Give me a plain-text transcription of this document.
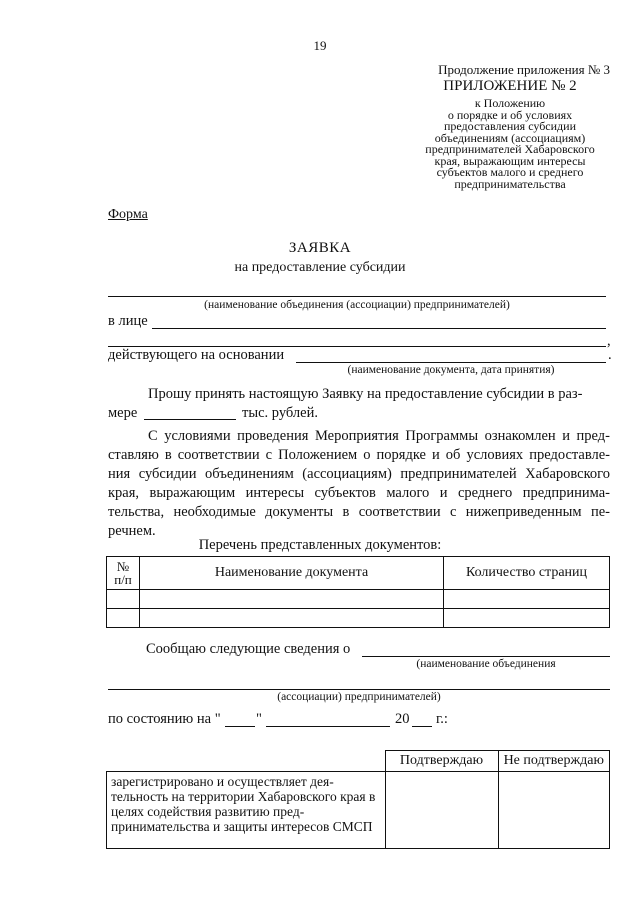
19
Продолжение приложения № 3
ПРИЛОЖЕНИЕ № 2
к Положению
о порядке и об условиях
предоставления субсидии
объединениям (ассоциациям)
предпринимателей Хабаровского
края, выражающим интересы
субъектов малого и среднего
предпринимательства
Форма
ЗАЯВКА
на предоставление субсидии
(наименование объединения (ассоциации) предпринимателей)
в лице
,
действующего на основании	.
(наименование документа, дата принятия)

Прошу принять настоящую Заявку на предоставление субсидии в раз-

мере	тыс. рублей.
С условиями проведения Мероприятия Программы ознакомлен и пред-
ставляю в соответствии с Положением о порядке и об условиях предоставле-
ния субсидии объединениям (ассоциациям) предпринимателей Хабаровского
края, выражающим интересы субъектов малого и среднего предпринима-
тельства, необходимые документы в соответствии с нижеприведенным пе-
речнем.
Перечень представленных документов:
№
п/п	Наименование документа	Количество страниц

Сообщаю следующие сведения о
(наименование объединения
(ассоциации) предпринимателей)
по состоянию на " "	20 г.:
	Подтверждаю	Не подтверждаю
зарегистрировано и осуществляет дея- тельность на территории Хабаровского края в целях содействия развитию пред- принимательства и защиты интересов СМСП		
